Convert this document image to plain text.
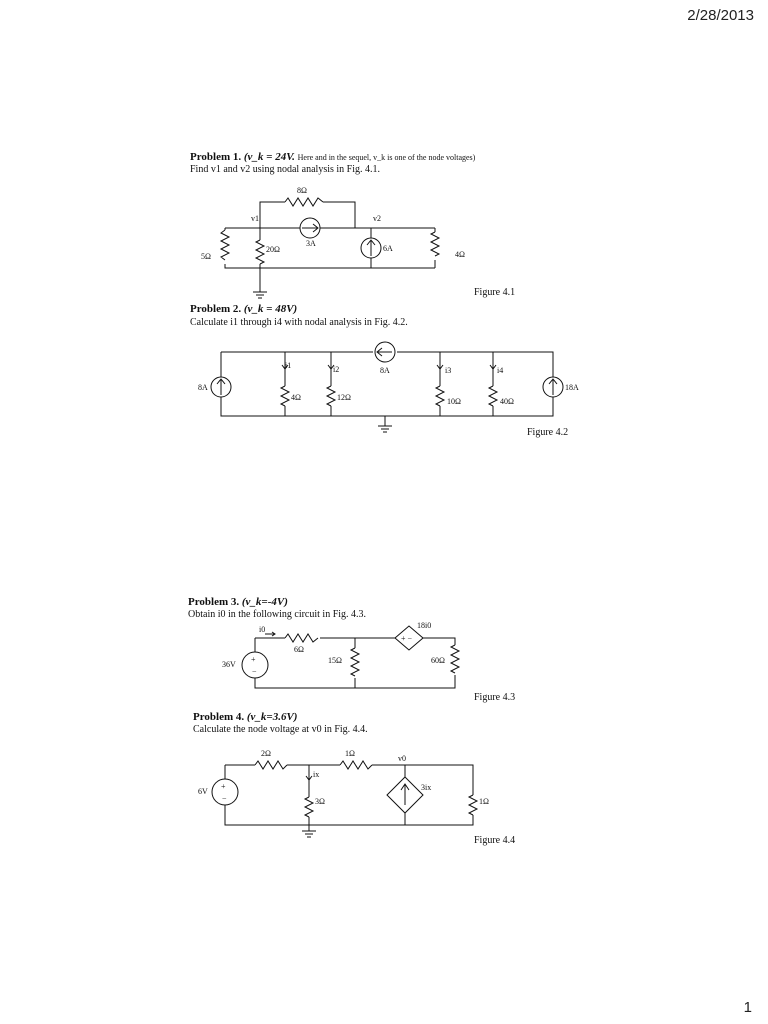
2/28/2013
Problem 1. (v_k = 24V. Here and in the sequel, v_k is one of the node voltages)
Find v1 and v2 using nodal analysis in Fig. 4.1.
8Ω
v1	v2
3A
5Ω
20Ω	6A
4Ω
Figure 4.1
Problem 2. (v_k = 48V)
Calculate i1 through i4 with nodal analysis in Fig. 4.2.
8A
8A
18A
i1	i2	i3	i4
4Ω	12Ω	10Ω	40Ω
Figure 4.2
Problem 3. (v_k=-4V)
Obtain i0 in the following circuit in Fig. 4.3.
+
−
+ −
i0
6Ω
18i0
36V	15Ω	60Ω
Figure 4.3
Problem 4. (v_k=3.6V)
Calculate the node voltage at v0 in Fig. 4.4.
+
−
2Ω	1Ω
v0
ix
6V
3Ω
3ix
1Ω
Figure 4.4
1
